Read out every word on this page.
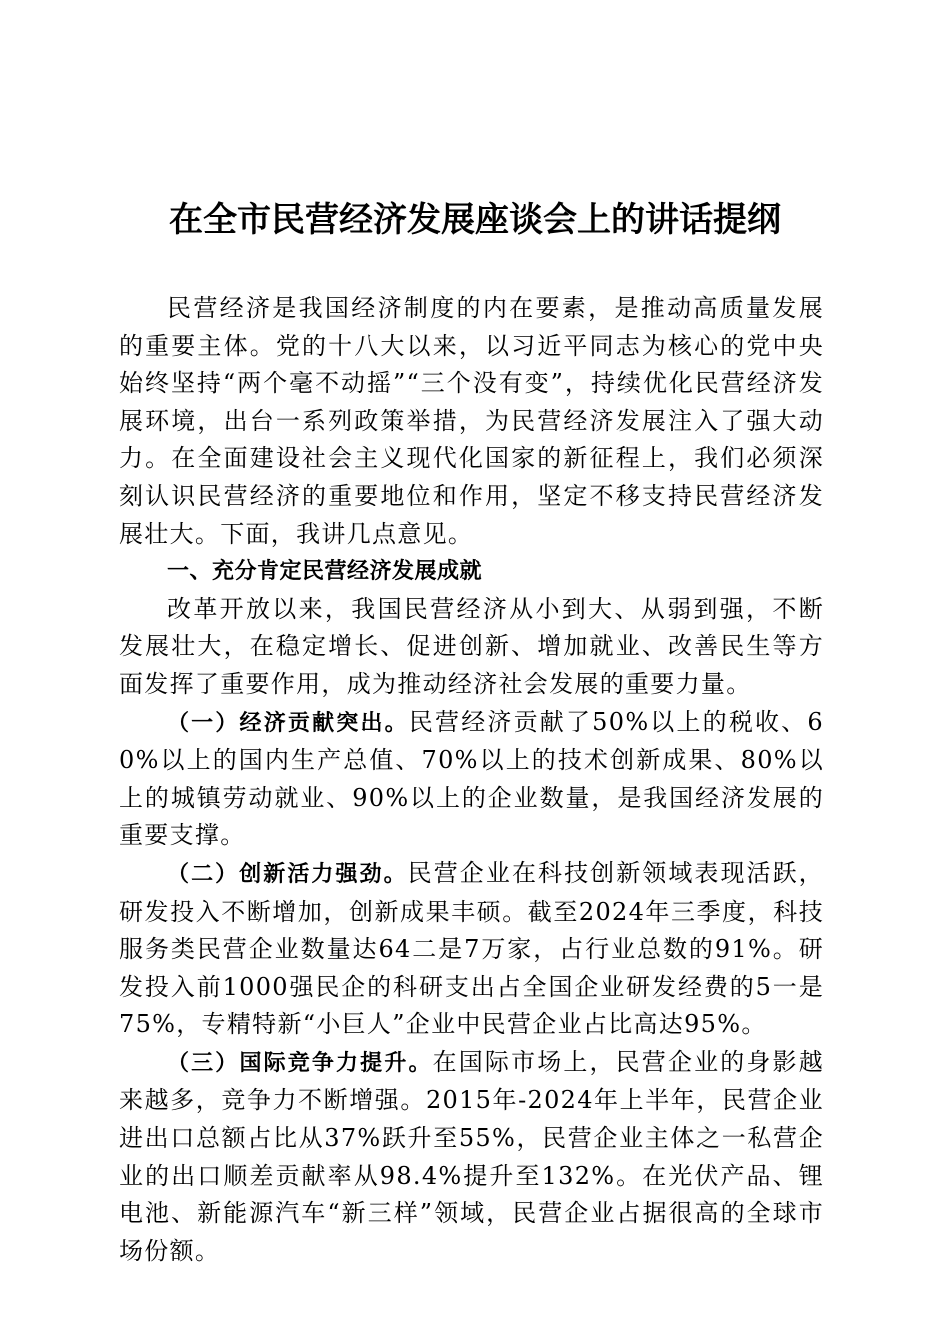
在全市民营经济发展座谈会上的讲话提纲

民营经济是我国经济制度的内在要素，是推动高质量发展的重要主体。党的十八大以来，以习近平同志为核心的党中央始终坚持“两个毫不动摇”“三个没有变”，持续优化民营经济发展环境，出台一系列政策举措，为民营经济发展注入了强大动力。在全面建设社会主义现代化国家的新征程上，我们必须深刻认识民营经济的重要地位和作用，坚定不移支持民营经济发展壮大。下面，我讲几点意见。

一、充分肯定民营经济发展成就

改革开放以来，我国民营经济从小到大、从弱到强，不断发展壮大，在稳定增长、促进创新、增加就业、改善民生等方面发挥了重要作用，成为推动经济社会发展的重要力量。

（一）经济贡献突出。民营经济贡献了50%以上的税收、60%以上的国内生产总值、70%以上的技术创新成果、80%以上的城镇劳动就业、90%以上的企业数量，是我国经济发展的重要支撑。

（二）创新活力强劲。民营企业在科技创新领域表现活跃，研发投入不断增加，创新成果丰硕。截至2024年三季度，科技服务类民营企业数量达64二是7万家，占行业总数的91%。研发投入前1000强民企的科研支出占全国企业研发经费的5一是75%，专精特新“小巨人”企业中民营企业占比高达95%。

（三）国际竞争力提升。在国际市场上，民营企业的身影越来越多，竞争力不断增强。2015年-2024年上半年，民营企业进出口总额占比从37%跃升至55%，民营企业主体之一私营企业的出口顺差贡献率从98.4%提升至132%。在光伏产品、锂电池、新能源汽车“新三样”领域，民营企业占据很高的全球市场份额。
